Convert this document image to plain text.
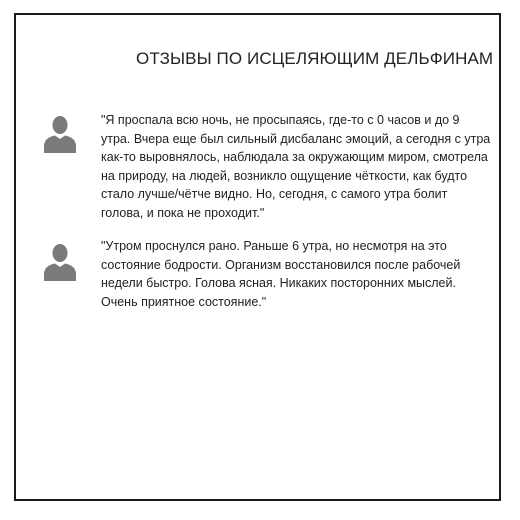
ОТЗЫВЫ ПО ИСЦЕЛЯЮЩИМ ДЕЛЬФИНАМ

"Я проспала всю ночь, не просыпаясь, где-то с 0 часов и до 9 утра. Вчера еще был сильный дисбаланс эмоций, а сегодня с утра как-то выровнялось, наблюдала за окружающим миром, смотрела на природу, на людей, возникло ощущение чёткости, как будто стало лучше/чётче видно. Но, сегодня, с самого утра болит голова, и пока не проходит."

"Утром проснулся рано. Раньше 6 утра, но несмотря на это состояние бодрости. Организм восстановился после рабочей недели быстро. Голова ясная. Никаких посторонних мыслей. Очень приятное состояние."
